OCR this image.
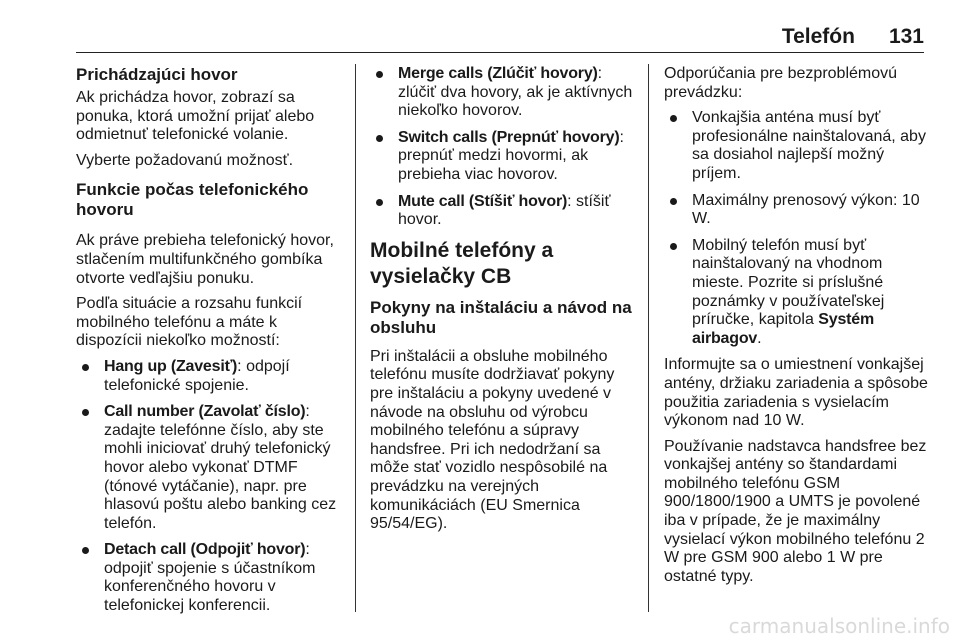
Telefón 131
Prichádzajúci hovor

Ak prichádza hovor, zobrazí sa ponuka, ktorá umožní prijať alebo odmietnuť telefonické volanie.

Vyberte požadovanú možnosť.

Funkcie počas telefonického hovoru

Ak práve prebieha telefonický hovor, stlačením multifunkčného gombíka otvorte vedľajšiu ponuku.

Podľa situácie a rozsahu funkcií mobilného telefónu a máte k dispozícii niekoľko možností:

Hang up (Zavesiť): odpojí telefonické spojenie.
Call number (Zavolať číslo): zadajte telefónne číslo, aby ste mohli iniciovať druhý telefonický hovor alebo vykonať DTMF (tónové vytáčanie), napr. pre hlasovú poštu alebo banking cez telefón.
Detach call (Odpojiť hovor): odpojiť spojenie s účastníkom konferenčného hovoru v telefonickej konferencii.
Merge calls (Zlúčiť hovory): zlúčiť dva hovory, ak je aktívnych niekoľko hovorov.
Switch calls (Prepnúť hovory): prepnúť medzi hovormi, ak prebieha viac hovorov.
Mute call (Stíšiť hovor): stíšiť hovor.
Mobilné telefóny a vysielačky CB
Pokyny na inštaláciu a návod na obsluhu

Pri inštalácii a obsluhe mobilného telefónu musíte dodržiavať pokyny pre inštaláciu a pokyny uvedené v návode na obsluhu od výrobcu mobilného telefónu a súpravy handsfree. Pri ich nedodržaní sa môže stať vozidlo nespôsobilé na prevádzku na verejných komunikáciách (EU Smernica 95/54/EG).

Odporúčania pre bezproblémovú prevádzku:

Vonkajšia anténa musí byť profesionálne nainštalovaná, aby sa dosiahol najlepší možný príjem.
Maximálny prenosový výkon: 10 W.
Mobilný telefón musí byť nainštalovaný na vhodnom mieste. Pozrite si príslušné poznámky v používateľskej príručke, kapitola Systém airbagov.

Informujte sa o umiestnení vonkajšej antény, držiaku zariadenia a spôsobe použitia zariadenia s vysielacím výkonom nad 10 W.

Používanie nadstavca handsfree bez vonkajšej antény so štandardami mobilného telefónu GSM 900/1800/1900 a UMTS je povolené iba v prípade, že je maximálny vysielací výkon mobilného telefónu 2 W pre GSM 900 alebo 1 W pre ostatné typy.

carmanualsonline.info
